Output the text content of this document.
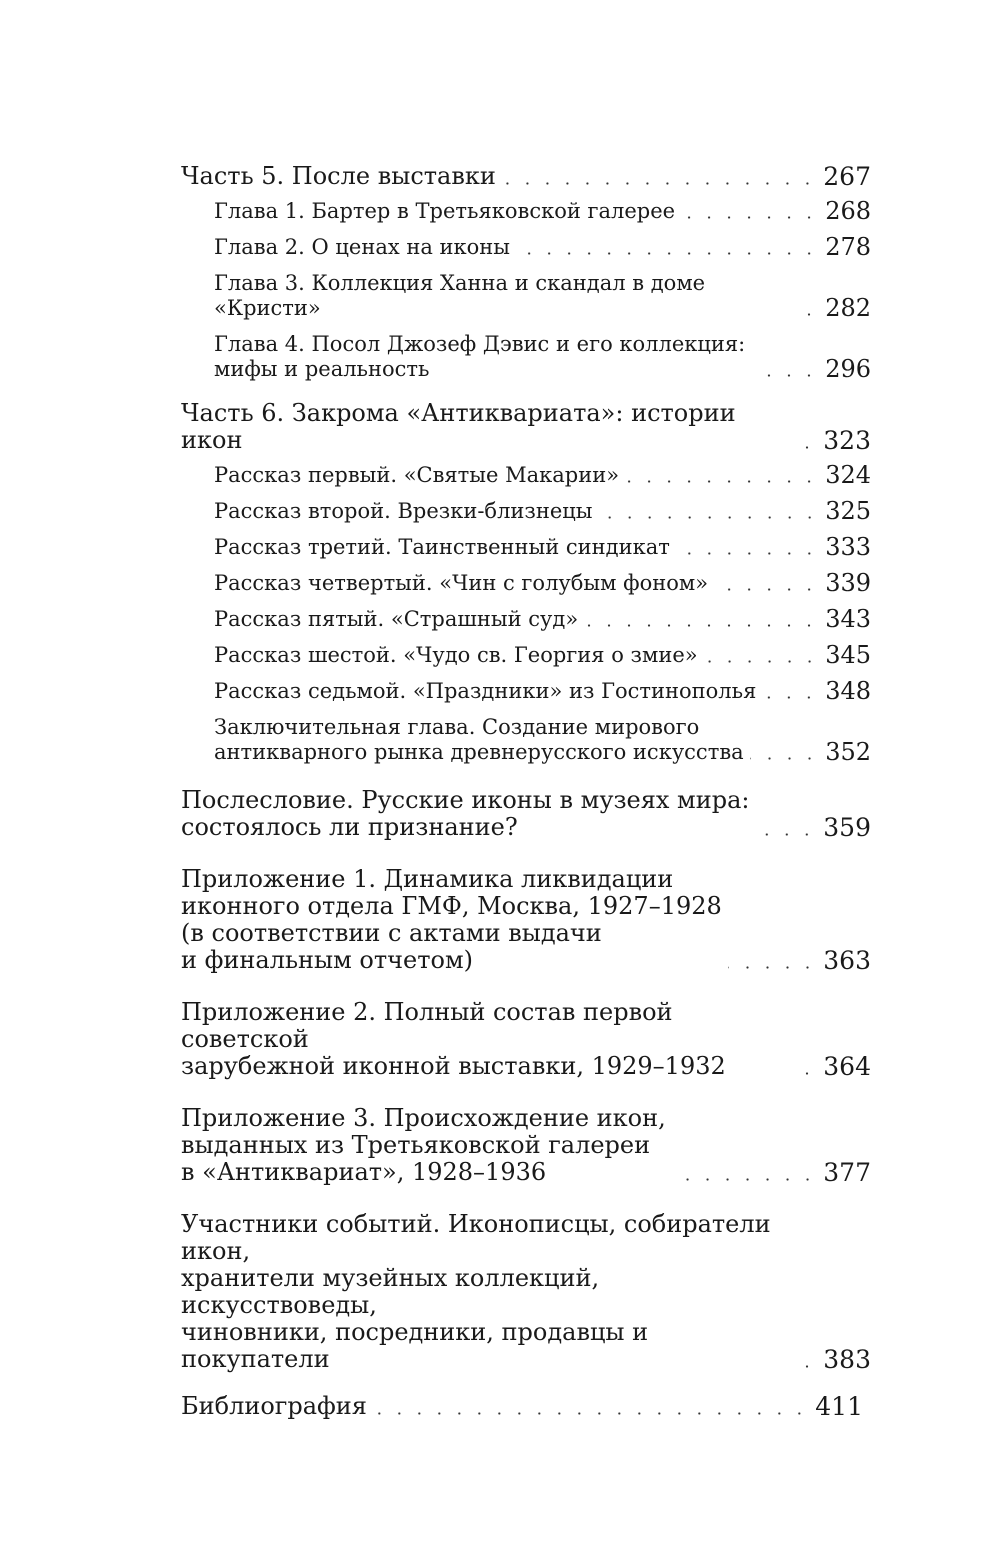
Часть 5. После выставки	267
Глава 1. Бартер в Третьяковской галерее	268
Глава 2. О ценах на иконы	278
Глава 3. Коллекция Ханна и скандал в доме «Кристи»	282
Глава 4. Посол Джозеф Дэвис и его коллекция:
мифы и реальность	296
Часть 6. Закрома «Антиквариата»: истории икон	323
Рассказ первый. «Святые Макарии»	324
Рассказ второй. Врезки-близнецы	325
Рассказ третий. Таинственный синдикат	333
Рассказ четвертый. «Чин с голубым фоном»	339
Рассказ пятый. «Страшный суд»	343
Рассказ шестой. «Чудо св. Георгия о змие»	345
Рассказ седьмой. «Праздники» из Гостинополья	348
Заключительная глава. Создание мирового
антикварного рынка древнерусского искусства	352
Послесловие. Русские иконы в музеях мира:
состоялось ли признание?	359
Приложение 1. Динамика ликвидации
иконного отдела ГМФ, Москва, 1927–1928
(в соответствии с актами выдачи
и финальным отчетом)	363
Приложение 2. Полный состав первой советской
зарубежной иконной выставки, 1929–1932	364
Приложение 3. Происхождение икон,
выданных из Третьяковской галереи
в «Антиквариат», 1928–1936	377
Участники событий. Иконописцы, собиратели икон,
хранители музейных коллекций, искусствоведы,
чиновники, посредники, продавцы и покупатели	383
Библиография	411
